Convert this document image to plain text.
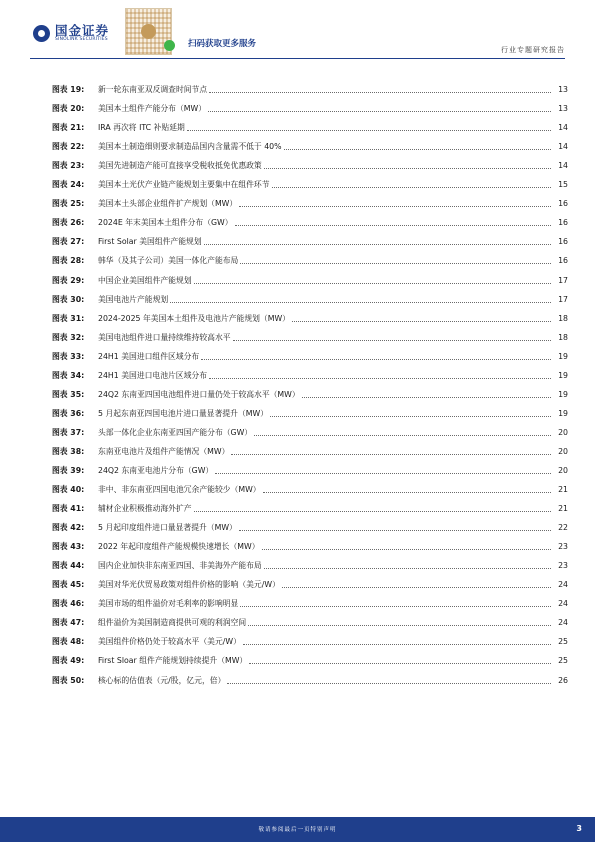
国金证券
SINOLINK SECURITIES	扫码获取更多服务
行业专题研究报告
图表 19:	新一轮东南亚双反调查时间节点	13
图表 20:	美国本土组件产能分布（MW）	13
图表 21:	IRA 再次将 ITC 补贴延期	14
图表 22:	美国本土制造细则要求制造品国内含量需不低于 40%	14
图表 23:	美国先进制造产能可直接享受税收抵免优惠政策	14
图表 24:	美国本土光伏产业链产能规划主要集中在组件环节	15
图表 25:	美国本土头部企业组件扩产规划（MW）	16
图表 26:	2024E 年末美国本土组件分布（GW）	16
图表 27:	First Solar 美国组件产能规划	16
图表 28:	韩华（及其子公司）美国一体化产能布局	16
图表 29:	中国企业美国组件产能规划	17
图表 30:	美国电池片产能规划	17
图表 31:	2024-2025 年美国本土组件及电池片产能规划（MW）	18
图表 32:	美国电池组件进口量持续维持较高水平	18
图表 33:	24H1 美国进口组件区域分布	19
图表 34:	24H1 美国进口电池片区域分布	19
图表 35:	24Q2 东南亚四国电池组件进口量仍处于较高水平（MW）	19
图表 36:	5 月起东南亚四国电池片进口量显著提升（MW）	19
图表 37:	头部一体化企业东南亚四国产能分布（GW）	20
图表 38:	东南亚电池片及组件产能情况（MW）	20
图表 39:	24Q2 东南亚电池片分布（GW）	20
图表 40:	非中、非东南亚四国电池冗余产能较少（MW）	21
图表 41:	辅材企业积极推动海外扩产	21
图表 42:	5 月起印度组件进口量显著提升（MW）	22
图表 43:	2022 年起印度组件产能规模快速增长（MW）	23
图表 44:	国内企业加快非东南亚四国、非美海外产能布局	23
图表 45:	美国对华光伏贸易政策对组件价格的影响（美元/W）	24
图表 46:	美国市场的组件溢价对毛利率的影响明显	24
图表 47:	组件溢价为美国制造商提供可观的利润空间	24
图表 48:	美国组件价格仍处于较高水平（美元/W）	25
图表 49:	First Sloar 组件产能规划持续提升（MW）	25
图表 50:	核心标的估值表（元/股，亿元，倍）	26
敬请参阅最后一页特别声明	3
